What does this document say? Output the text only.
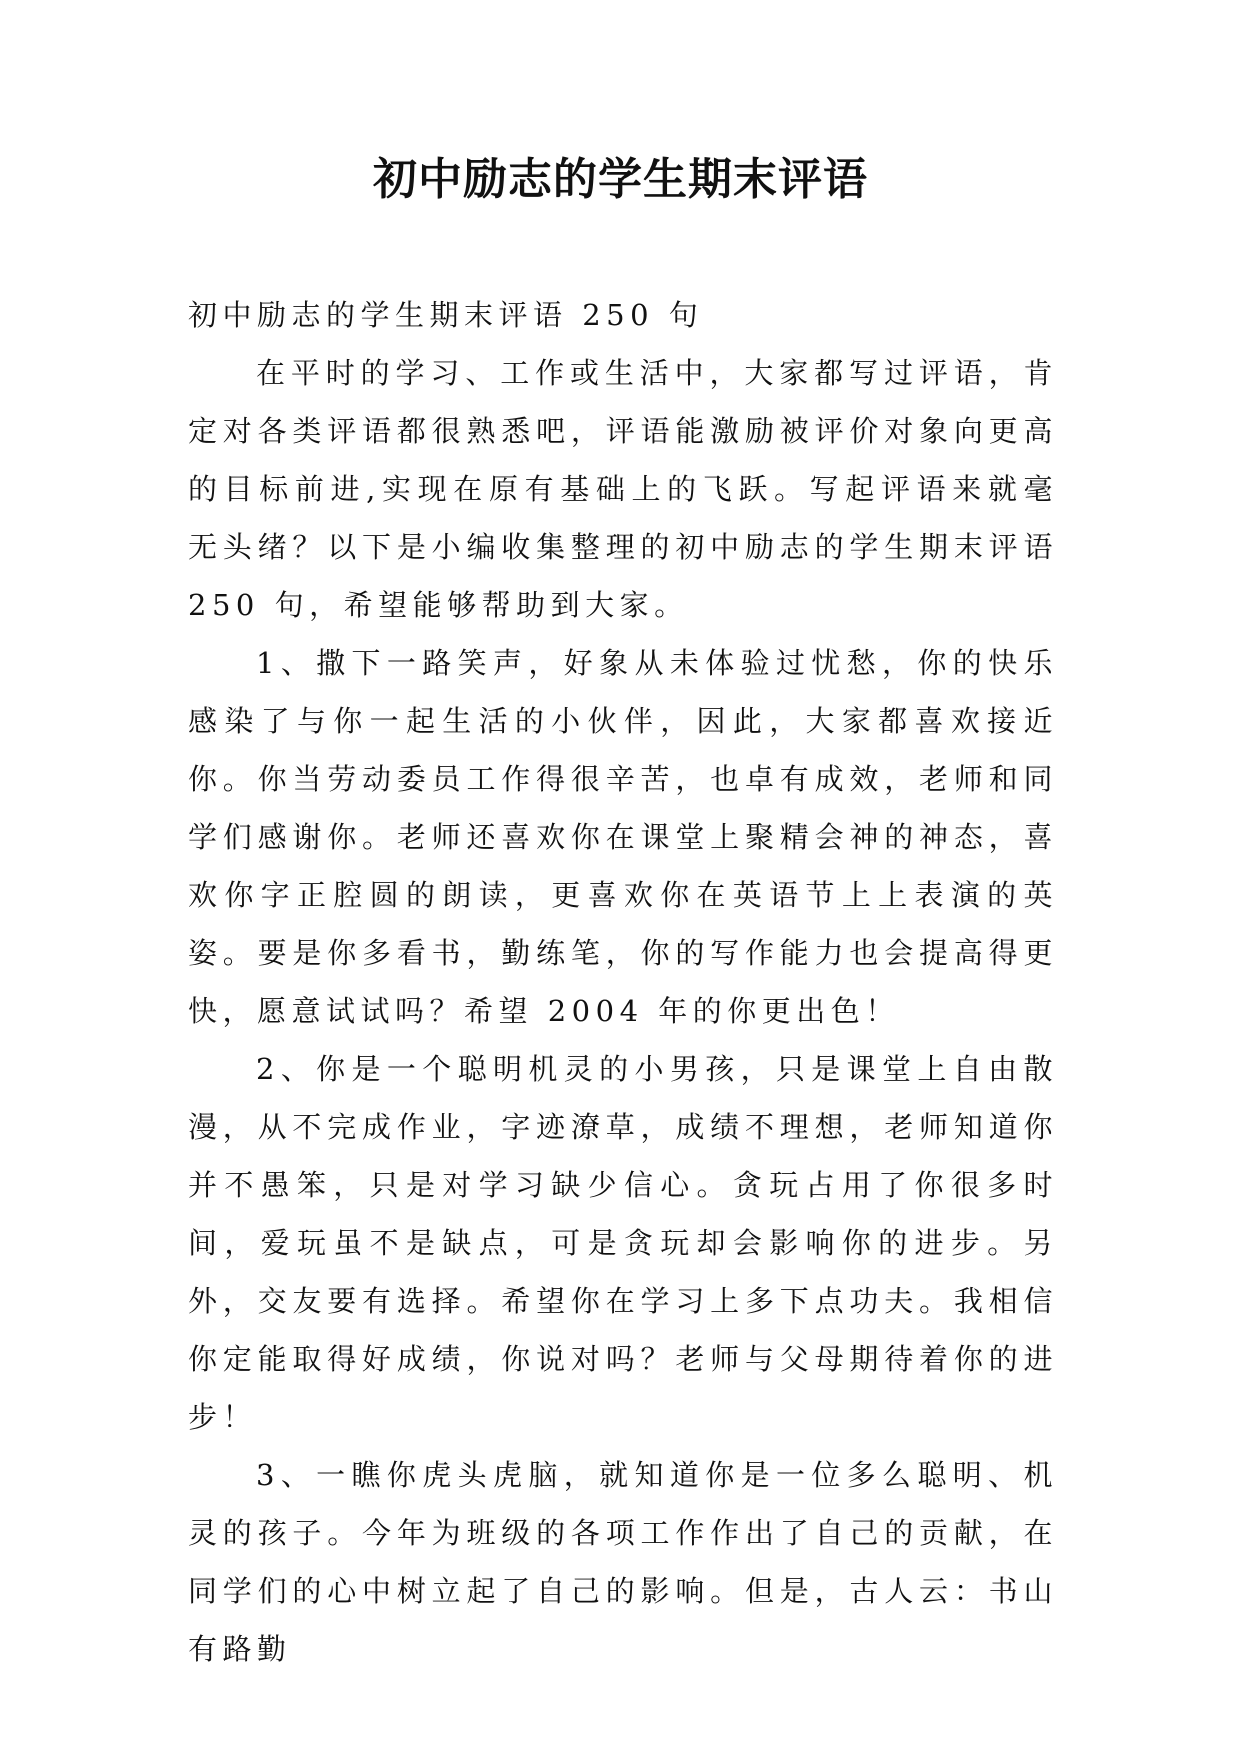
初中励志的学生期末评语

初中励志的学生期末评语 250 句

在平时的学习、工作或生活中，大家都写过评语，肯定对各类评语都很熟悉吧，评语能激励被评价对象向更高的目标前进,实现在原有基础上的飞跃。写起评语来就毫无头绪？以下是小编收集整理的初中励志的学生期末评语 250 句，希望能够帮助到大家。

1、撒下一路笑声，好象从未体验过忧愁，你的快乐感染了与你一起生活的小伙伴，因此，大家都喜欢接近你。你当劳动委员工作得很辛苦，也卓有成效，老师和同学们感谢你。老师还喜欢你在课堂上聚精会神的神态，喜欢你字正腔圆的朗读，更喜欢你在英语节上上表演的英姿。要是你多看书，勤练笔，你的写作能力也会提高得更快，愿意试试吗？希望 2004 年的你更出色！

2、你是一个聪明机灵的小男孩，只是课堂上自由散漫，从不完成作业，字迹潦草，成绩不理想，老师知道你并不愚笨，只是对学习缺少信心。贪玩占用了你很多时间，爱玩虽不是缺点，可是贪玩却会影响你的进步。另外，交友要有选择。希望你在学习上多下点功夫。我相信你定能取得好成绩，你说对吗？老师与父母期待着你的进步！

3、一瞧你虎头虎脑，就知道你是一位多么聪明、机灵的孩子。今年为班级的各项工作作出了自己的贡献，在同学们的心中树立起了自己的影响。但是，古人云：书山有路勤
